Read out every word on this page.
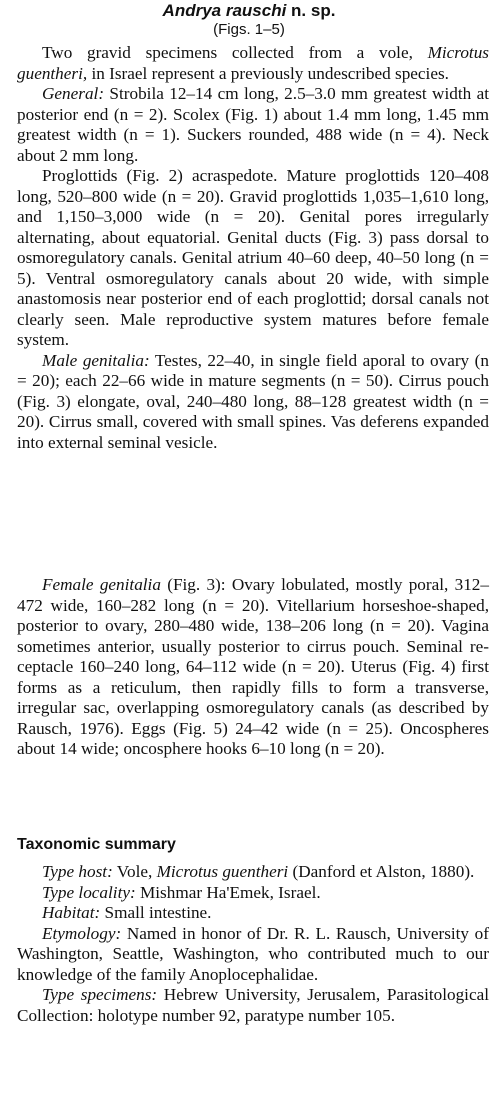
Andrya rauschi n. sp.
(Figs. 1–5)

Two gravid specimens collected from a vole, Microtus guentheri, in Israel represent a previously undescribed species.

General: Strobila 12–14 cm long, 2.5–3.0 mm greatest width at posterior end (n = 2). Scolex (Fig. 1) about 1.4 mm long, 1.45 mm greatest width (n = 1). Suckers rounded, 488 wide (n = 4). Neck about 2 mm long.

Proglottids (Fig. 2) acraspedote. Mature proglottids 120–408 long, 520–800 wide (n = 20). Gravid proglottids 1,035–1,610 long, and 1,150–3,000 wide (n = 20). Genital pores irregularly alternating, about equatorial. Genital ducts (Fig. 3) pass dorsal to osmoregulatory canals. Genital atrium 40–60 deep, 40–50 long (n = 5). Ventral osmoregulatory canals about 20 wide, with simple anastomosis near posterior end of each proglottid; dorsal canals not clearly seen. Male reproductive system matures before female system.

Male genitalia: Testes, 22–40, in single field aporal to ovary (n = 20); each 22–66 wide in mature segments (n = 50). Cirrus pouch (Fig. 3) elongate, oval, 240–480 long, 88–128 greatest width (n = 20). Cirrus small, covered with small spines. Vas deferens expanded into external seminal vesicle.

Female genitalia (Fig. 3): Ovary lobulated, mostly poral, 312–472 wide, 160–282 long (n = 20). Vitellarium horseshoe-shaped, posterior to ovary, 280–480 wide, 138–206 long (n = 20). Vagina sometimes anterior, usually posterior to cirrus pouch. Seminal receptacle 160–240 long, 64–112 wide (n = 20). Uterus (Fig. 4) first forms as a reticulum, then rapidly fills to form a transverse, irregular sac, overlapping osmoregulatory canals (as described by Rausch, 1976). Eggs (Fig. 5) 24–42 wide (n = 25). Oncospheres about 14 wide; oncosphere hooks 6–10 long (n = 20).

Taxonomic summary

Type host: Vole, Microtus guentheri (Danford et Alston, 1880).

Type locality: Mishmar Ha'Emek, Israel.

Habitat: Small intestine.

Etymology: Named in honor of Dr. R. L. Rausch, University of Washington, Seattle, Washington, who contributed much to our knowledge of the family Anoplocephalidae.

Type specimens: Hebrew University, Jerusalem, Parasitological Collection: holotype number 92, paratype number 105.
